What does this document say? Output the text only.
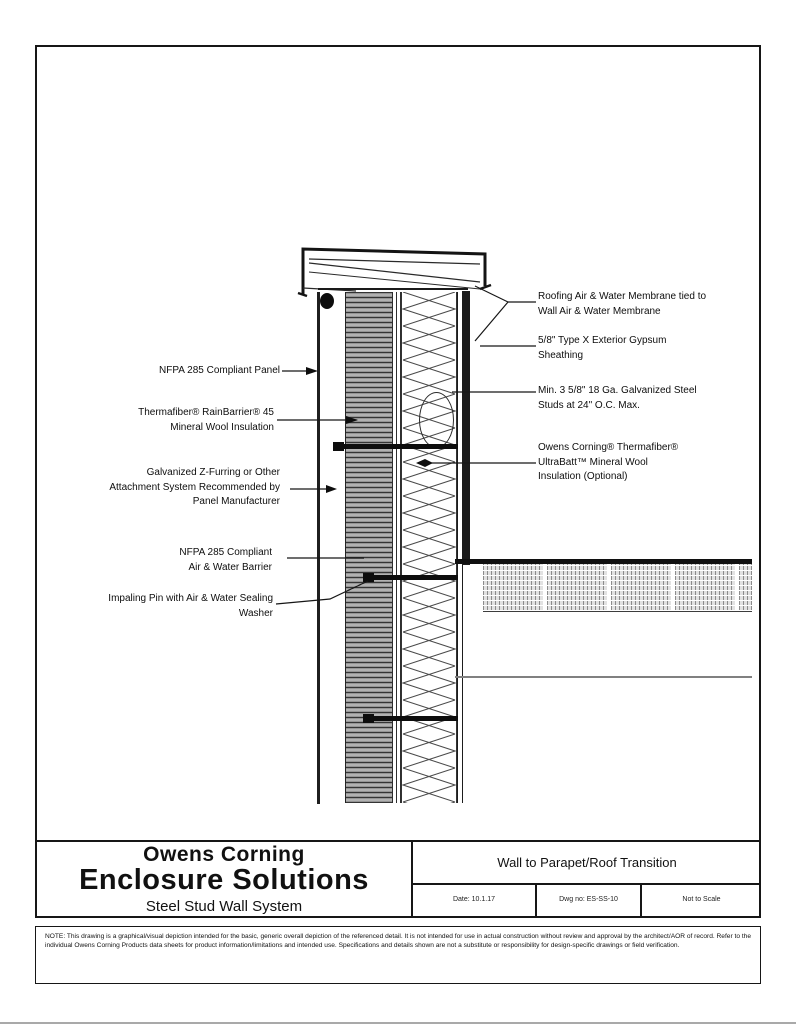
NFPA 285 Compliant Panel
Thermafiber® RainBarrier® 45
Mineral Wool Insulation
Galvanized Z-Furring or Other
Attachment System Recommended by
Panel Manufacturer
NFPA 285 Compliant
Air & Water Barrier
Impaling Pin with Air & Water Sealing
Washer
Roofing Air & Water Membrane tied to
Wall Air & Water Membrane
5/8" Type X Exterior Gypsum
Sheathing
Min. 3 5/8" 18 Ga. Galvanized Steel
Studs at 24" O.C. Max.
Owens Corning® Thermafiber®
UltraBatt™ Mineral Wool
Insulation (Optional)
Owens Corning
Enclosure Solutions
Steel Stud Wall System
Wall to Parapet/Roof Transition
Date: 10.1.17	Dwg no: ES-SS-10	Not to Scale
NOTE: This drawing is a graphical/visual depiction intended for the basic, generic overall depiction of the referenced detail. It is not intended for use in actual construction without review and approval by the architect/AOR of record. Refer to the individual Owens Corning Products data sheets for product information/limitations and intended use. Specifications and details shown are not a substitute or responsibility for design-specific drawings or field verification.
